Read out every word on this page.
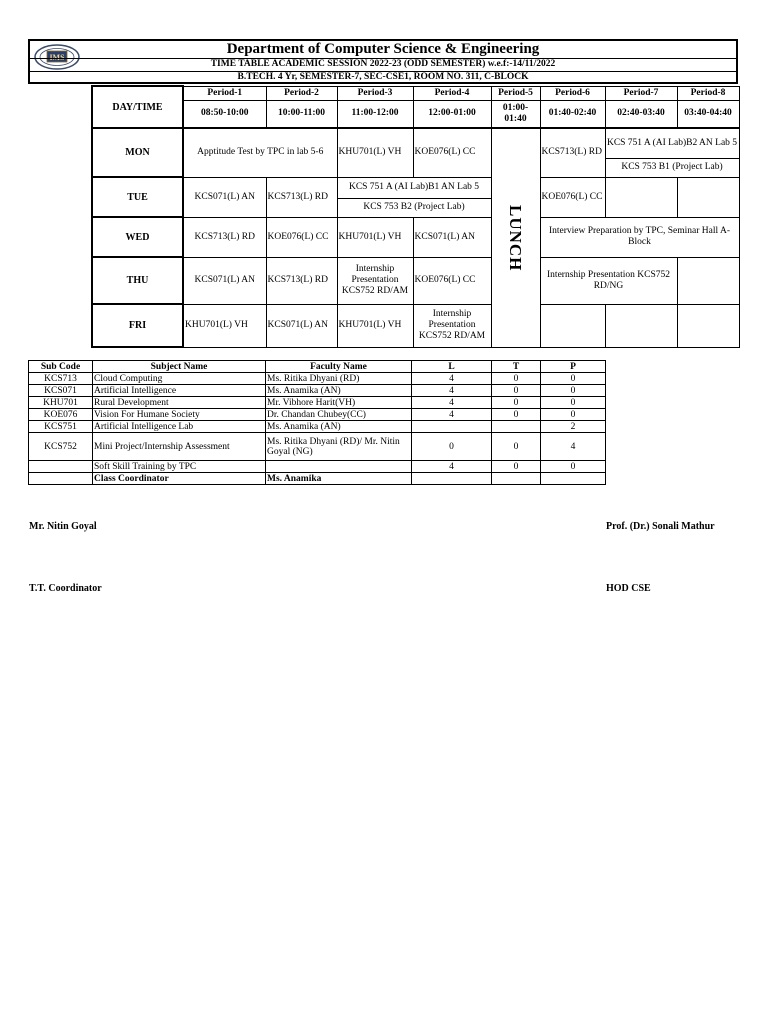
IMS
Department of Computer Science & Engineering
TIME TABLE ACADEMIC SESSION 2022-23 (ODD SEMESTER) w.e.f:-14/11/2022
B.TECH. 4 Yr, SEMESTER-7, SEC-CSE1, ROOM NO. 311, C-BLOCK
DAY/TIME	Period-1	Period-2	Period-3	Period-4	Period-5	Period-6	Period-7	Period-8
	08:50-10:00	10:00-11:00	11:00-12:00	12:00-01:00	01:00-01:40	01:40-02:40	02:40-03:40	03:40-04:40
MON	Apptitude Test by TPC in lab 5-6		KHU701(L) VH	KOE076(L) CC	LUNCH	KCS713(L) RD	KCS 751 A (AI Lab)B2 AN Lab 5	
							KCS 753 B1 (Project Lab)	
TUE	KCS071(L) AN	KCS713(L) RD	KCS 751 A (AI Lab)B1 AN Lab 5			KOE076(L) CC		
			KCS 753 B2 (Project Lab)					
WED	KCS713(L) RD	KOE076(L) CC	KHU701(L) VH	KCS071(L) AN		Interview Preparation by TPC, Seminar Hall A-Block		

THU	KCS071(L) AN	KCS713(L) RD	Internship Presentation KCS752 RD/AM	KOE076(L) CC		Internship Presentation KCS752 RD/NG		

FRI	KHU701(L) VH	KCS071(L) AN	KHU701(L) VH	Internship Presentation KCS752 RD/AM				
Sub Code	Subject Name	Faculty Name	L	T	P
KCS713	Cloud Computing	Ms. Ritika Dhyani (RD)	4	0	0
KCS071	Artificial Intelligence	Ms. Anamika (AN)	4	0	0
KHU701	Rural Development	Mr. Vibhore Harit(VH)	4	0	0
KOE076	Vision For Humane Society	Dr. Chandan Chubey(CC)	4	0	0
KCS751	Artificial Intelligence Lab	Ms. Anamika (AN)			2
KCS752	Mini Project/Internship Assessment	Ms. Ritika Dhyani (RD)/ Mr. Nitin Goyal (NG)	0	0	4
	Soft Skill Training by TPC		4	0	0
	Class Coordinator	Ms. Anamika			
Mr. Nitin Goyal
T.T. Coordinator
Prof. (Dr.) Sonali Mathur
HOD CSE
